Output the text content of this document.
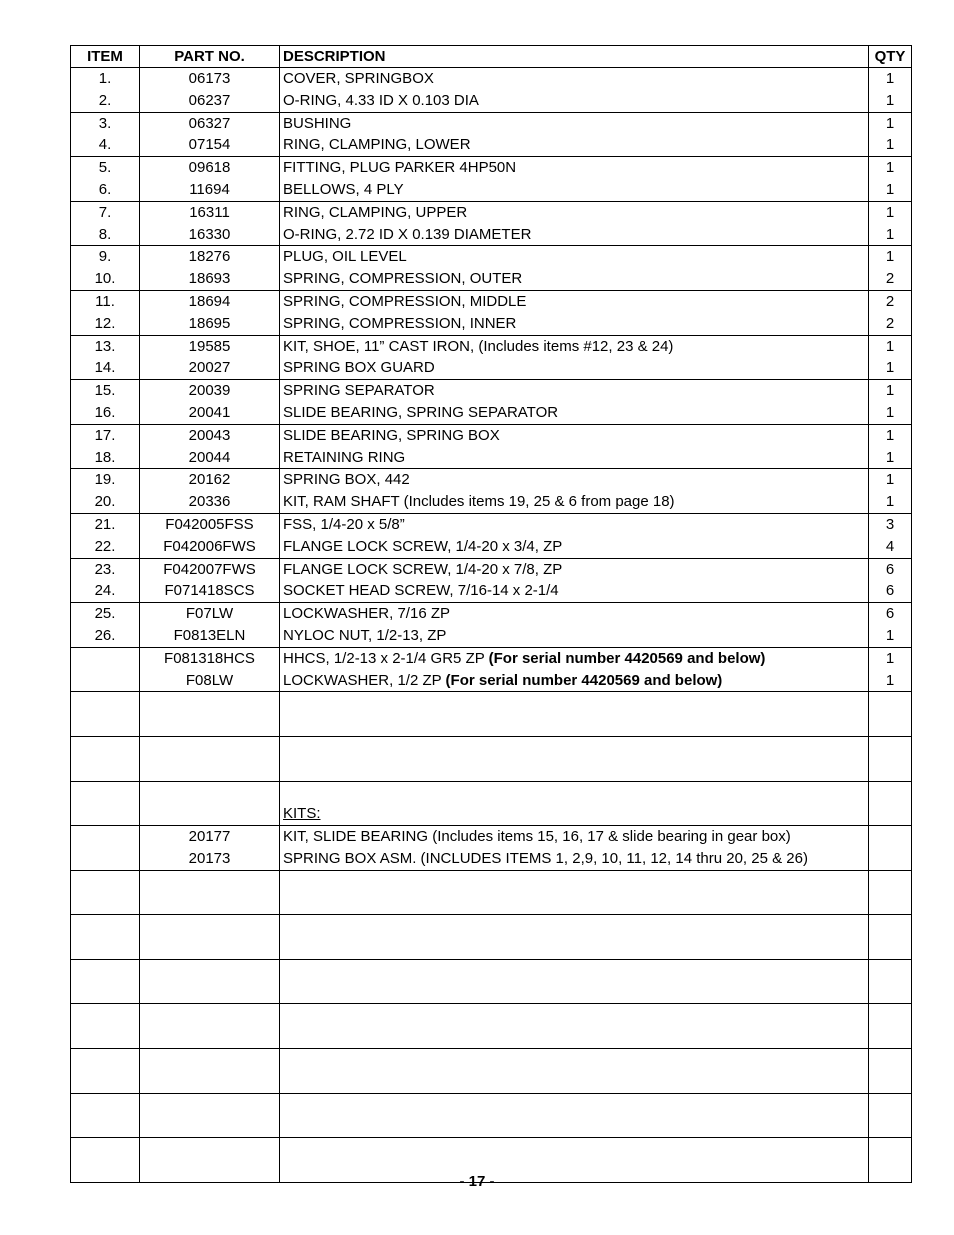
ITEM	PART NO.	DESCRIPTION	QTY
1.	06173	COVER, SPRINGBOX	1
2.	06237	O-RING, 4.33 ID X 0.103 DIA	1
3.	06327	BUSHING	1
4.	07154	RING, CLAMPING, LOWER	1
5.	09618	FITTING, PLUG PARKER 4HP50N	1
6.	11694	BELLOWS, 4 PLY	1
7.	16311	RING, CLAMPING, UPPER	1
8.	16330	O-RING, 2.72 ID X 0.139 DIAMETER	1
9.	18276	PLUG, OIL LEVEL	1
10.	18693	SPRING, COMPRESSION, OUTER	2
11.	18694	SPRING, COMPRESSION, MIDDLE	2
12.	18695	SPRING, COMPRESSION, INNER	2
13.	19585	KIT, SHOE, 11” CAST IRON, (Includes items #12, 23 & 24)	1
14.	20027	SPRING BOX GUARD	1
15.	20039	SPRING SEPARATOR	1
16.	20041	SLIDE BEARING, SPRING SEPARATOR	1
17.	20043	SLIDE BEARING, SPRING BOX	1
18.	20044	RETAINING RING	1
19.	20162	SPRING BOX, 442	1
20.	20336	KIT, RAM SHAFT (Includes items 19, 25 & 6 from page 18)	1
21.	F042005FSS	FSS, 1/4-20 x 5/8”	3
22.	F042006FWS	FLANGE LOCK SCREW, 1/4-20 x 3/4, ZP	4
23.	F042007FWS	FLANGE LOCK SCREW, 1/4-20 x 7/8, ZP	6
24.	F071418SCS	SOCKET HEAD SCREW, 7/16-14 x 2-1/4	6
25.	F07LW	LOCKWASHER, 7/16 ZP	6
26.	F0813ELN	NYLOC NUT, 1/2-13, ZP	1
	F081318HCS	HHCS, 1/2-13 x 2-1/4 GR5 ZP (For serial number 4420569 and below)	1
	F08LW	LOCKWASHER, 1/2 ZP (For serial number 4420569 and below)	1

		KITS:	
	20177	KIT, SLIDE BEARING (Includes items 15, 16, 17 & slide bearing in gear box)	
	20173	SPRING BOX ASM. (INCLUDES ITEMS 1, 2,9, 10, 11, 12, 14 thru 20, 25 & 26)	

- 17 -
